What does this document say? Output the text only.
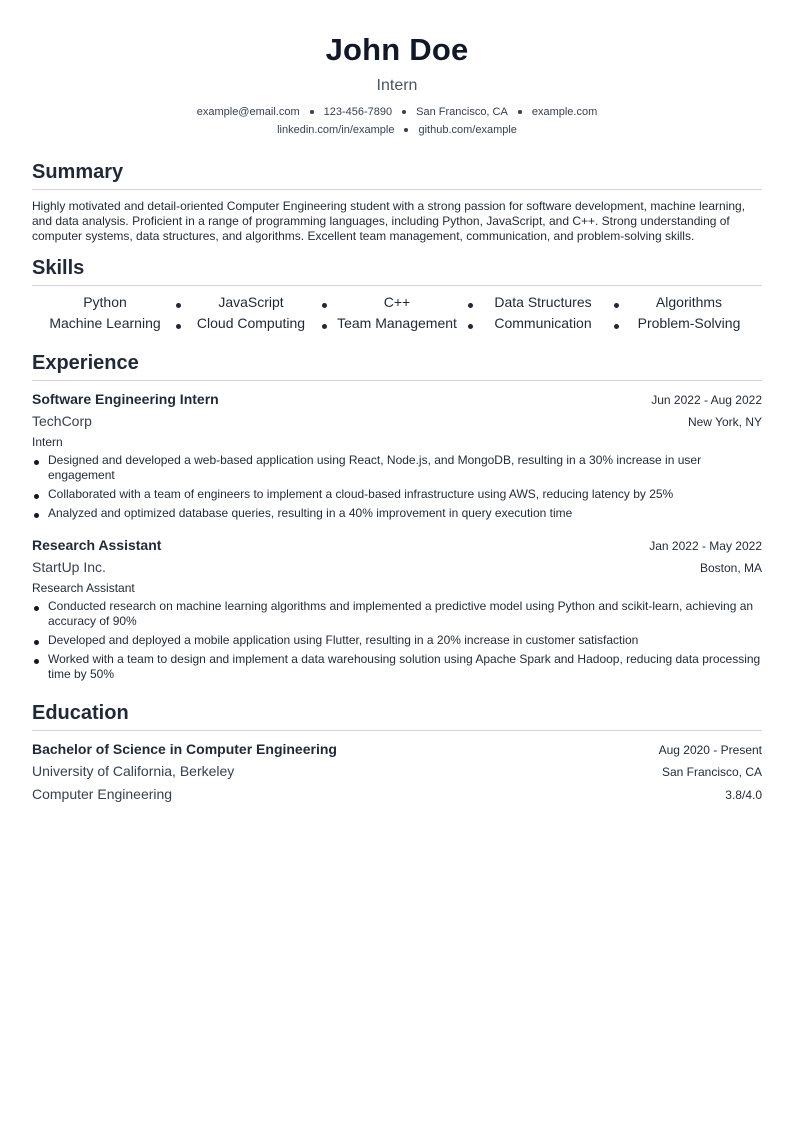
John Doe
Intern
example@email.com 123-456-7890 San Francisco, CA example.com
linkedin.com/in/example github.com/example
Summary

Highly motivated and detail-oriented Computer Engineering student with a strong passion for software development, machine learning, and data analysis. Proficient in a range of programming languages, including Python, JavaScript, and C++. Strong understanding of computer systems, data structures, and algorithms. Excellent team management, communication, and problem-solving skills.

Skills
Python	JavaScript	C++	Data Structures	Algorithms
Machine Learning	Cloud Computing	Team Management	Communication	Problem-Solving
Experience
Software Engineering Intern	Jun 2022 - Aug 2022
TechCorp	New York, NY
Intern
Designed and developed a web-based application using React, Node.js, and MongoDB, resulting in a 30% increase in user engagement
Collaborated with a team of engineers to implement a cloud-based infrastructure using AWS, reducing latency by 25%
Analyzed and optimized database queries, resulting in a 40% improvement in query execution time
Research Assistant	Jan 2022 - May 2022
StartUp Inc.	Boston, MA
Research Assistant
Conducted research on machine learning algorithms and implemented a predictive model using Python and scikit-learn, achieving an accuracy of 90%
Developed and deployed a mobile application using Flutter, resulting in a 20% increase in customer satisfaction
Worked with a team to design and implement a data warehousing solution using Apache Spark and Hadoop, reducing data processing time by 50%
Education
Bachelor of Science in Computer Engineering	Aug 2020 - Present
University of California, Berkeley	San Francisco, CA
Computer Engineering	3.8/4.0
